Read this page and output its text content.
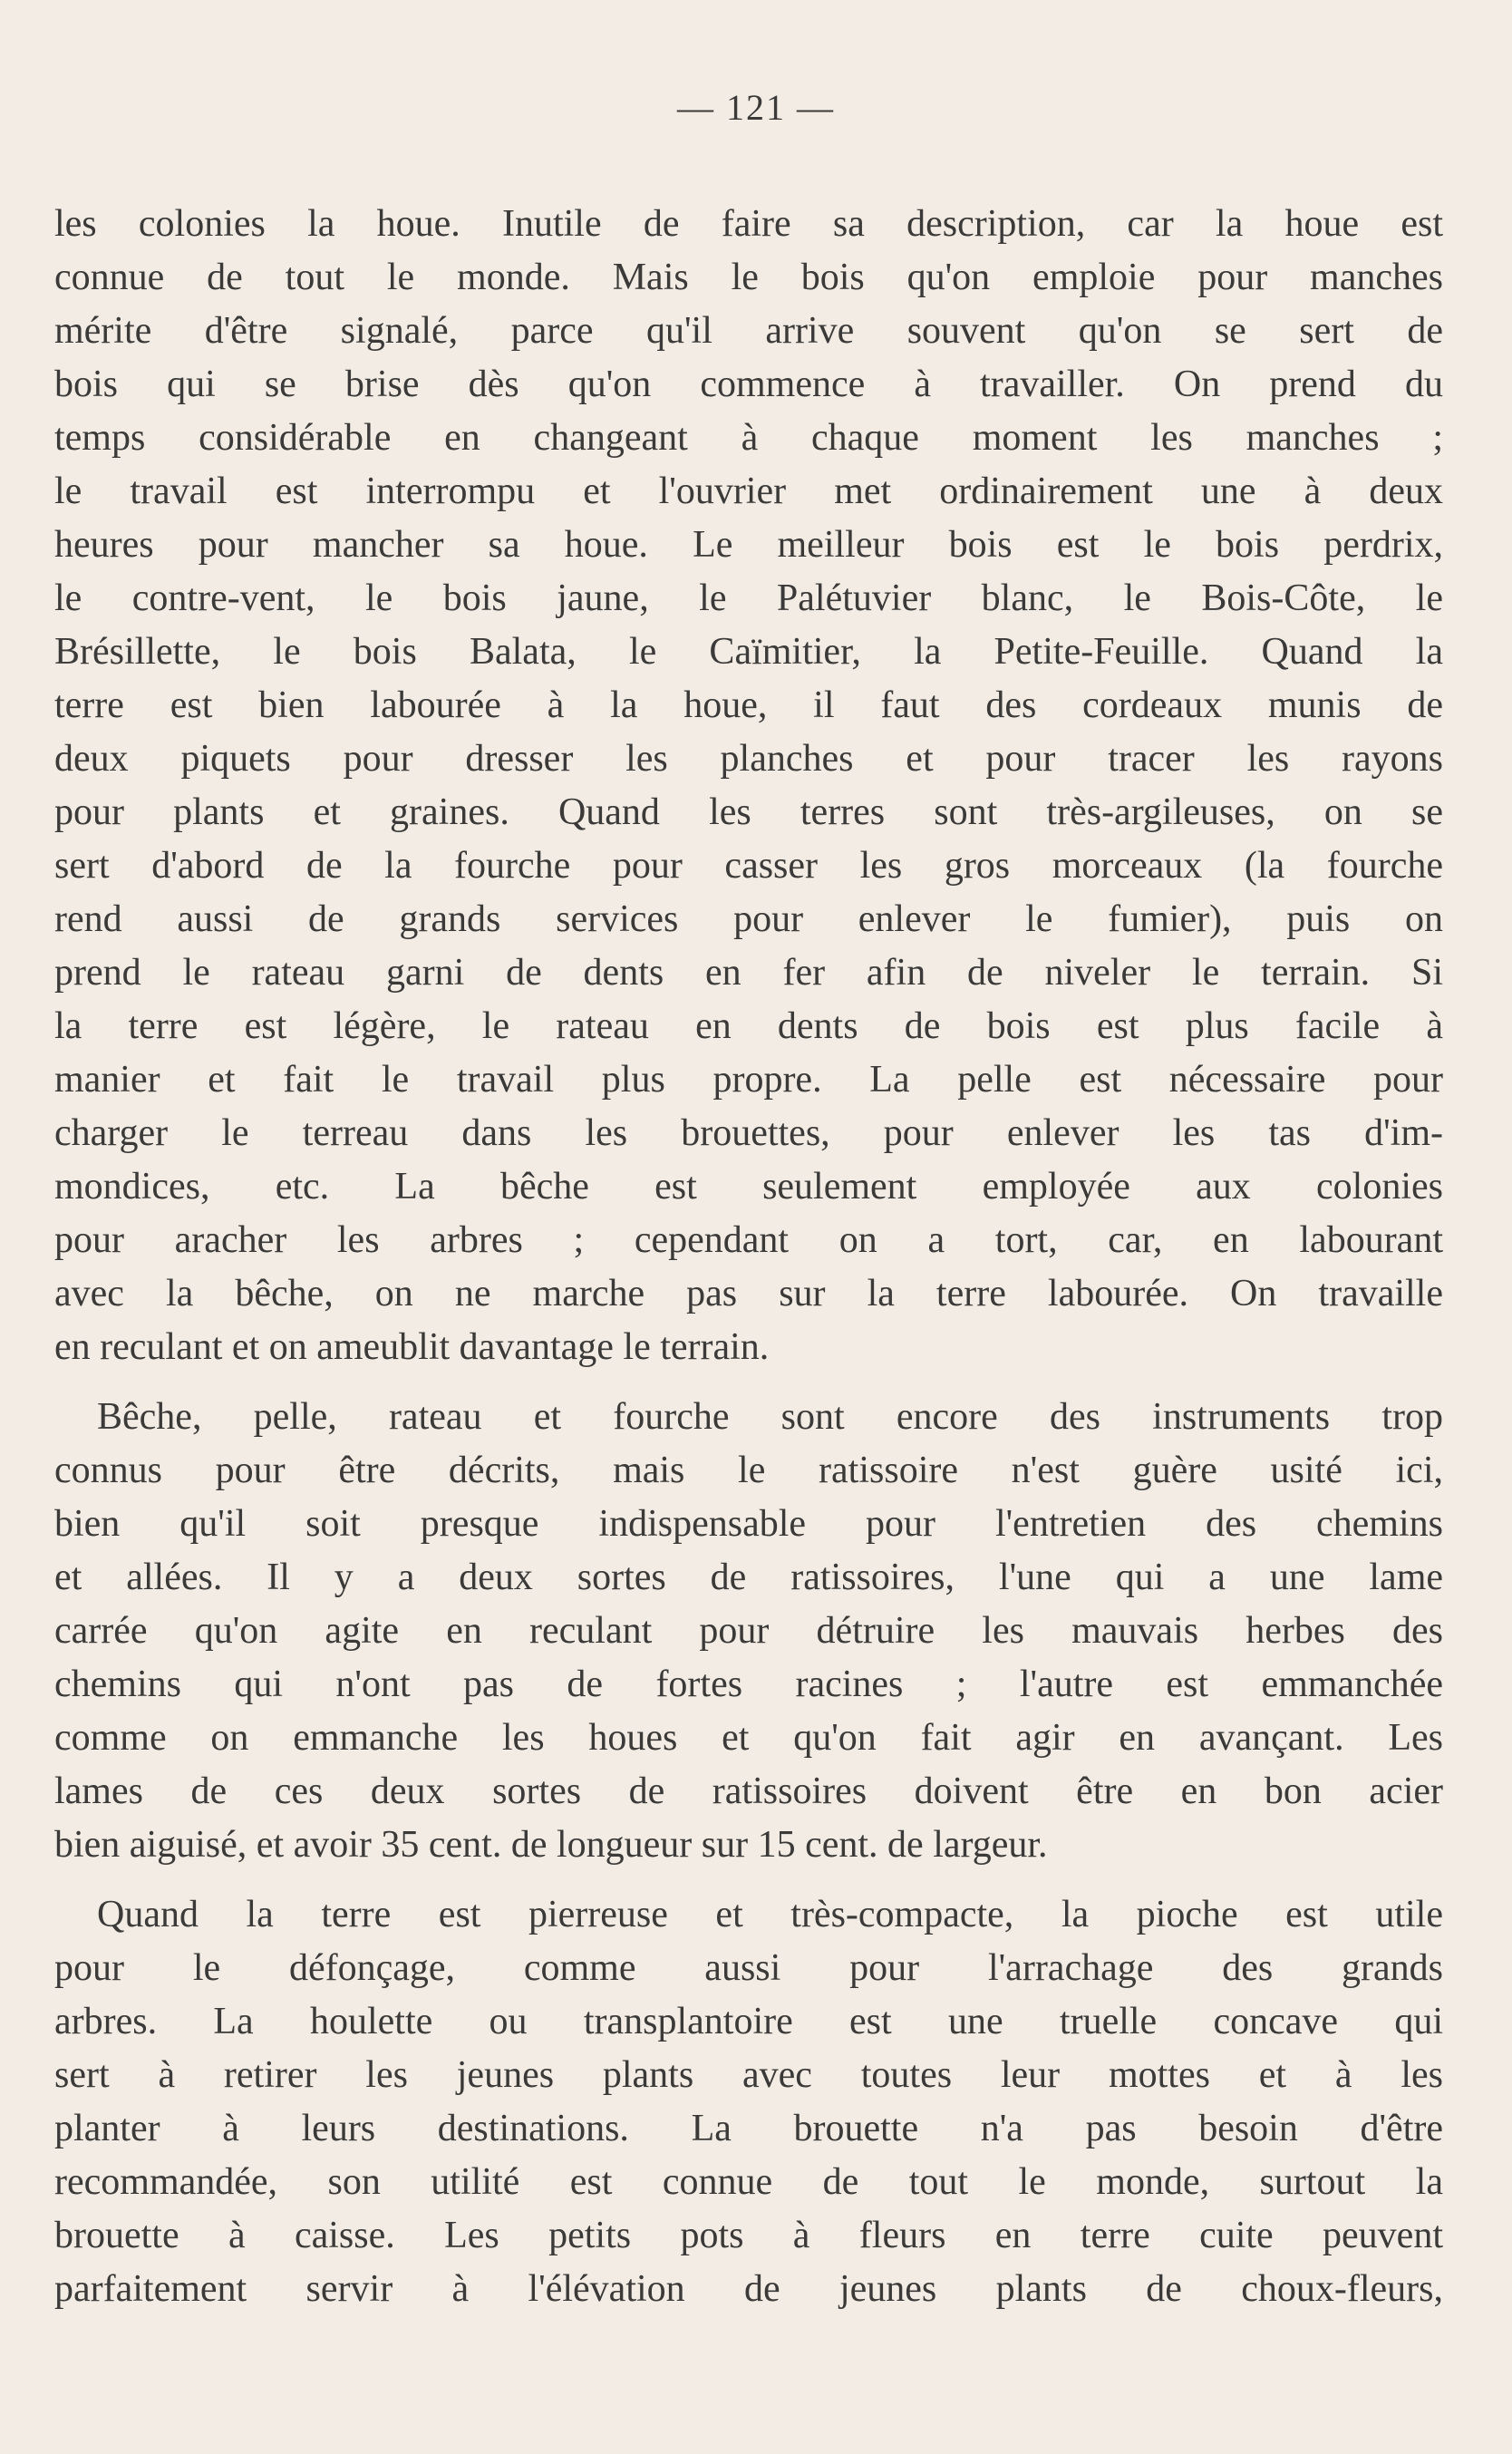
— 121 —
les colonies la houe. Inutile de faire sa description, car la houe est
connue de tout le monde. Mais le bois qu'on emploie pour manches
mérite d'être signalé, parce qu'il arrive souvent qu'on se sert de
bois qui se brise dès qu'on commence à travailler. On prend du
temps considérable en changeant à chaque moment les manches ;
le travail est interrompu et l'ouvrier met ordinairement une à deux
heures pour mancher sa houe. Le meilleur bois est le bois perdrix,
le contre-vent, le bois jaune, le Palétuvier blanc, le Bois-Côte, le
Brésillette, le bois Balata, le Caïmitier, la Petite-Feuille. Quand la
terre est bien labourée à la houe, il faut des cordeaux munis de
deux piquets pour dresser les planches et pour tracer les rayons
pour plants et graines. Quand les terres sont très-argileuses, on se
sert d'abord de la fourche pour casser les gros morceaux (la fourche
rend aussi de grands services pour enlever le fumier), puis on
prend le rateau garni de dents en fer afin de niveler le terrain. Si
la terre est légère, le rateau en dents de bois est plus facile à
manier et fait le travail plus propre. La pelle est nécessaire pour
charger le terreau dans les brouettes, pour enlever les tas d'im-
mondices, etc. La bêche est seulement employée aux colonies
pour aracher les arbres ; cependant on a tort, car, en labourant
avec la bêche, on ne marche pas sur la terre labourée. On travaille
en reculant et on ameublit davantage le terrain.
Bêche, pelle, rateau et fourche sont encore des instruments trop
connus pour être décrits, mais le ratissoire n'est guère usité ici,
bien qu'il soit presque indispensable pour l'entretien des chemins
et allées. Il y a deux sortes de ratissoires, l'une qui a une lame
carrée qu'on agite en reculant pour détruire les mauvais herbes des
chemins qui n'ont pas de fortes racines ; l'autre est emmanchée
comme on emmanche les houes et qu'on fait agir en avançant. Les
lames de ces deux sortes de ratissoires doivent être en bon acier
bien aiguisé, et avoir 35 cent. de longueur sur 15 cent. de largeur.
Quand la terre est pierreuse et très-compacte, la pioche est utile
pour le défonçage, comme aussi pour l'arrachage des grands
arbres. La houlette ou transplantoire est une truelle concave qui
sert à retirer les jeunes plants avec toutes leur mottes et à les
planter à leurs destinations. La brouette n'a pas besoin d'être
recommandée, son utilité est connue de tout le monde, surtout la
brouette à caisse. Les petits pots à fleurs en terre cuite peuvent
parfaitement servir à l'élévation de jeunes plants de choux-fleurs,
